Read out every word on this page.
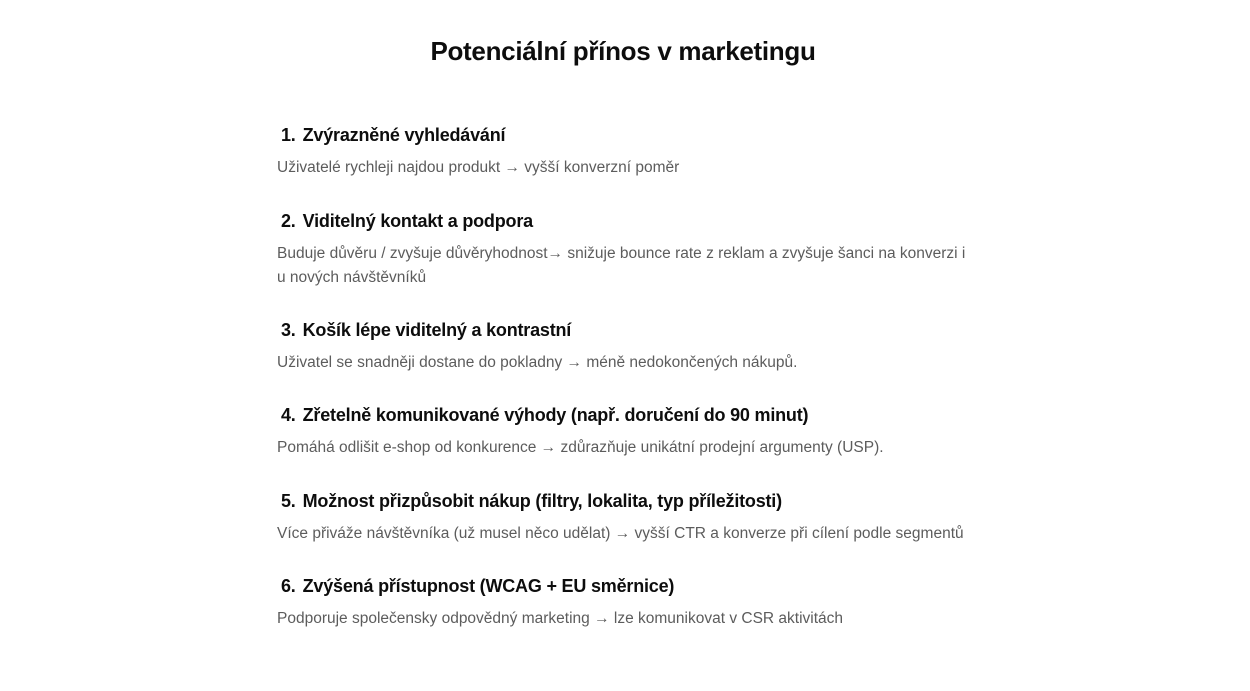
Potenciální přínos v marketingu
1. Zvýrazněné vyhledávání

Uživatelé rychleji najdou produkt → vyšší konverzní poměr

2. Viditelný kontakt a podpora

Buduje důvěru / zvyšuje důvěryhodnost→ snižuje bounce rate z reklam a zvyšuje šanci na konverzi i u nových návštěvníků

3. Košík lépe viditelný a kontrastní

Uživatel se snadněji dostane do pokladny → méně nedokončených nákupů.

4. Zřetelně komunikované výhody (např. doručení do 90 minut)

Pomáhá odlišit e-shop od konkurence → zdůrazňuje unikátní prodejní argumenty (USP).

5. Možnost přizpůsobit nákup (filtry, lokalita, typ příležitosti)

Více přiváže návštěvníka (už musel něco udělat) → vyšší CTR a konverze při cílení podle segmentů

6. Zvýšená přístupnost (WCAG + EU směrnice)

Podporuje společensky odpovědný marketing → lze komunikovat v CSR aktivitách
